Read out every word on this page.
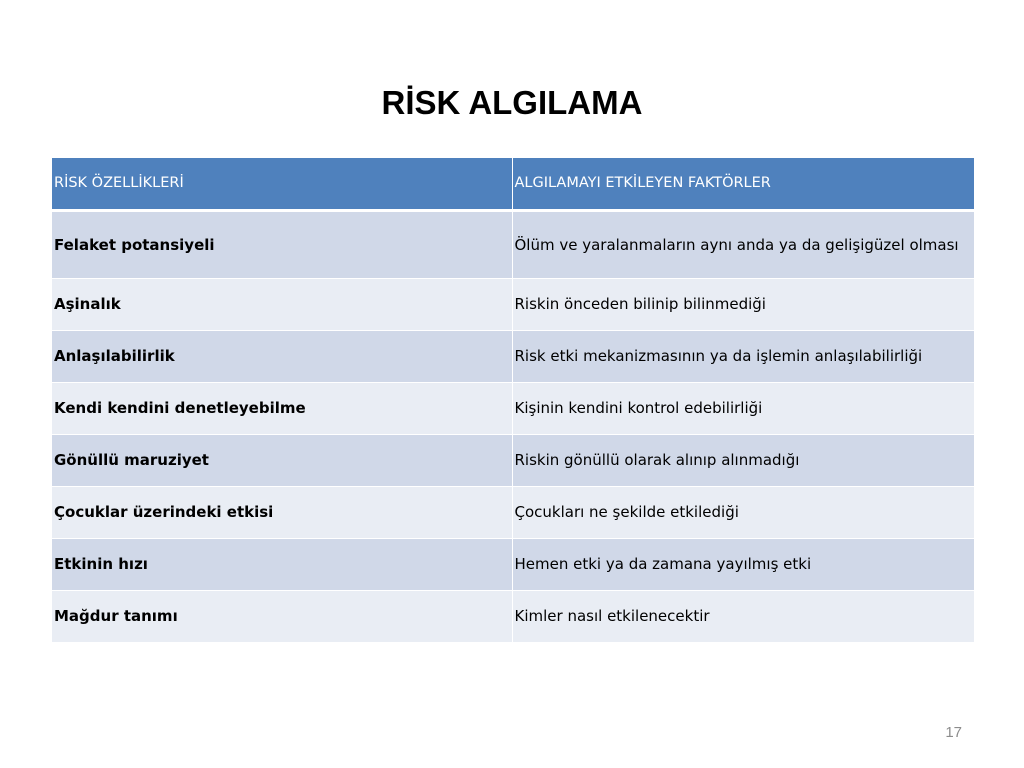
RİSK ALGILAMA
RİSK ÖZELLİKLERİ	ALGILAMAYI ETKİLEYEN FAKTÖRLER
Felaket potansiyeli	Ölüm ve yaralanmaların aynı anda ya da gelişigüzel olması
Aşinalık	Riskin önceden bilinip bilinmediği
Anlaşılabilirlik	Risk etki mekanizmasının ya da işlemin anlaşılabilirliği
Kendi kendini denetleyebilme	Kişinin kendini kontrol edebilirliği
Gönüllü maruziyet	Riskin gönüllü olarak alınıp alınmadığı
Çocuklar üzerindeki etkisi	Çocukları ne şekilde etkilediği
Etkinin hızı	Hemen etki ya da zamana yayılmış etki
Mağdur tanımı	Kimler nasıl etkilenecektir
17
